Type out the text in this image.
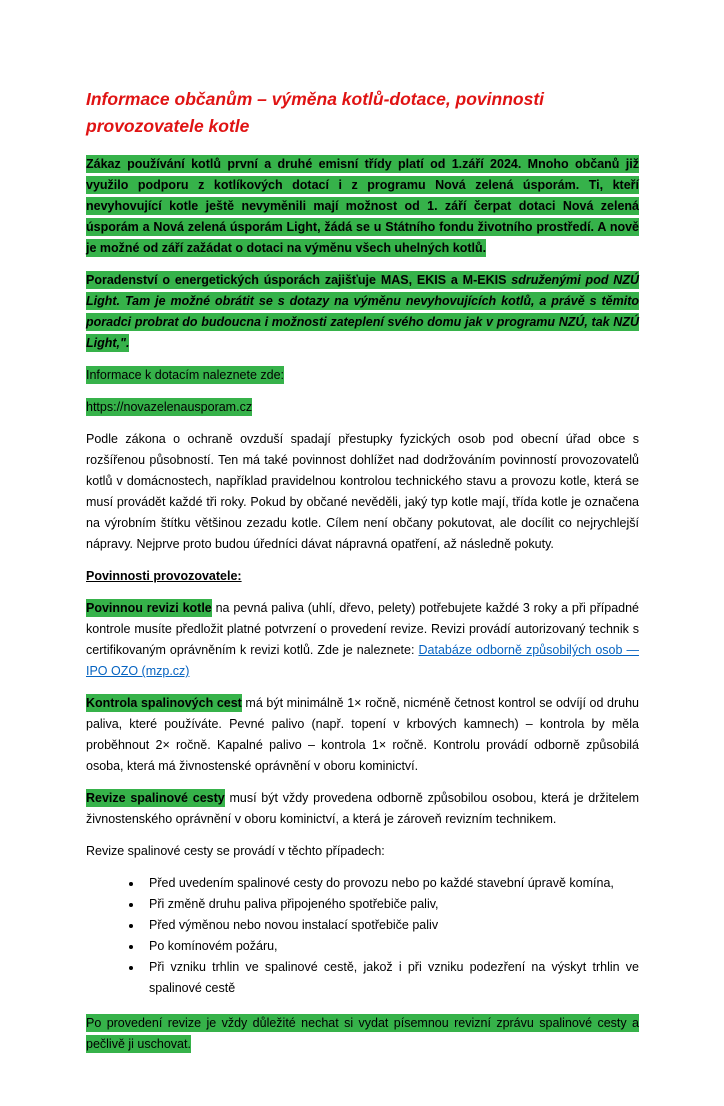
Informace občanům – výměna kotlů-dotace, povinnosti provozovatele kotle

Zákaz používání kotlů první a druhé emisní třídy platí od 1.září 2024. Mnoho občanů již využilo podporu z kotlíkových dotací i z programu Nová zelená úsporám. Ti, kteří nevyhovující kotle ještě nevyměnili mají možnost od 1. září čerpat dotaci Nová zelená úsporám a Nová zelená úsporám Light, žádá se u Státního fondu životního prostředí. A nově je možné od září zažádat o dotaci na výměnu všech uhelných kotlů.

Poradenství o energetických úsporách zajišťuje MAS, EKIS a M-EKIS sdruženými pod NZÚ Light. Tam je možné obrátit se s dotazy na výměnu nevyhovujících kotlů, a právě s těmito poradci probrat do budoucna i možnosti zateplení svého domu jak v programu NZÚ, tak NZÚ Light,".

Informace k dotacím naleznete zde:

https://novazelenausporam.cz

Podle zákona o ochraně ovzduší spadají přestupky fyzických osob pod obecní úřad obce s rozšířenou působností. Ten má také povinnost dohlížet nad dodržováním povinností provozovatelů kotlů v domácnostech, například pravidelnou kontrolou technického stavu a provozu kotle, která se musí provádět každé tři roky. Pokud by občané nevěděli, jaký typ kotle mají, třída kotle je označena na výrobním štítku většinou zezadu kotle. Cílem není občany pokutovat, ale docílit co nejrychlejší nápravy. Nejprve proto budou úředníci dávat nápravná opatření, až následně pokuty.

Povinnosti provozovatele:

Povinnou revizi kotle na pevná paliva (uhlí, dřevo, pelety) potřebujete každé 3 roky a při případné kontrole musíte předložit platné potvrzení o provedení revize. Revizi provádí autorizovaný technik s certifikovaným oprávněním k revizi kotlů. Zde je naleznete: Databáze odborně způsobilých osob — IPO OZO (mzp.cz)

Kontrola spalinových cest má být minimálně 1× ročně, nicméně četnost kontrol se odvíjí od druhu paliva, které používáte. Pevné palivo (např. topení v krbových kamnech) – kontrola by měla proběhnout 2× ročně. Kapalné palivo – kontrola 1× ročně. Kontrolu provádí odborně způsobilá osoba, která má živnostenské oprávnění v oboru kominictví.

Revize spalinové cesty musí být vždy provedena odborně způsobilou osobou, která je držitelem živnostenského oprávnění v oboru kominictví, a která je zároveň revizním technikem.

Revize spalinové cesty se provádí v těchto případech:

• Před uvedením spalinové cesty do provozu nebo po každé stavební úpravě komína,
• Při změně druhu paliva připojeného spotřebiče paliv,
• Před výměnou nebo novou instalací spotřebiče paliv
• Po komínovém požáru,
• Při vzniku trhlin ve spalinové cestě, jakož i při vzniku podezření na výskyt trhlin ve spalinové cestě

Po provedení revize je vždy důležité nechat si vydat písemnou revizní zprávu spalinové cesty a pečlivě ji uschovat.
